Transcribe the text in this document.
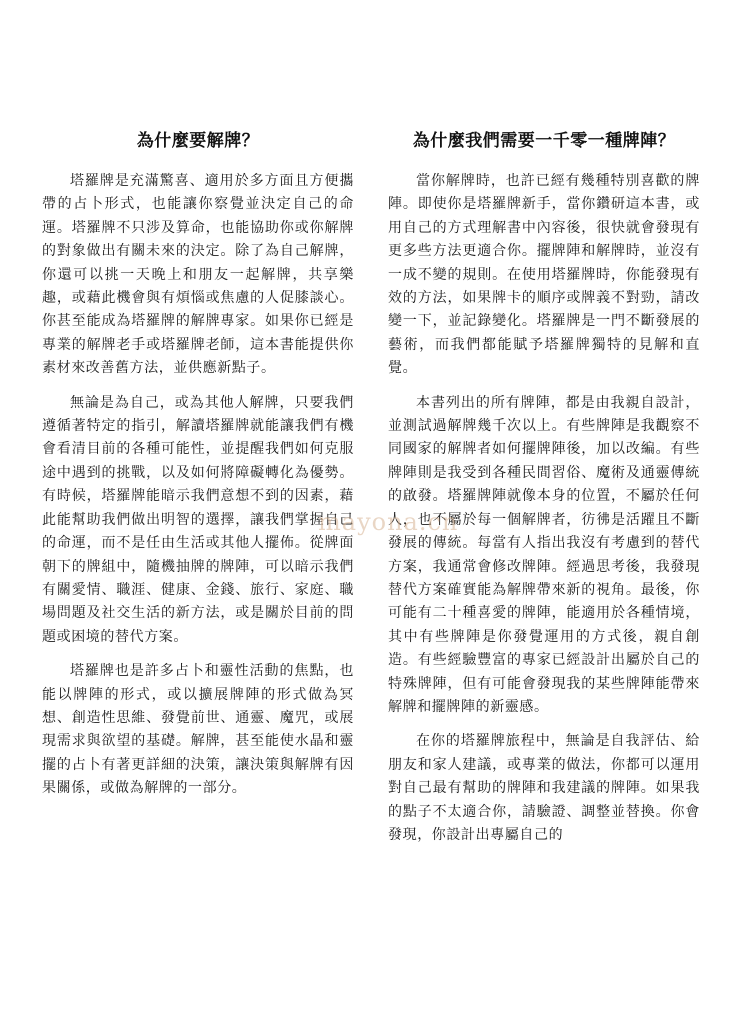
為什麼要解牌？

塔羅牌是充滿驚喜、適用於多方面且方便攜帶的占卜形式，也能讓你察覺並決定自己的命運。塔羅牌不只涉及算命，也能協助你或你解牌的對象做出有關未來的決定。除了為自己解牌，你還可以挑一天晚上和朋友一起解牌，共享樂趣，或藉此機會與有煩惱或焦慮的人促膝談心。你甚至能成為塔羅牌的解牌專家。如果你已經是專業的解牌老手或塔羅牌老師，這本書能提供你素材來改善舊方法，並供應新點子。

無論是為自己，或為其他人解牌，只要我們遵循著特定的指引，解讀塔羅牌就能讓我們有機會看清目前的各種可能性，並提醒我們如何克服途中遇到的挑戰，以及如何將障礙轉化為優勢。有時候，塔羅牌能暗示我們意想不到的因素，藉此能幫助我們做出明智的選擇，讓我們掌握自己的命運，而不是任由生活或其他人擺佈。從牌面朝下的牌組中，隨機抽牌的牌陣，可以暗示我們有關愛情、職涯、健康、金錢、旅行、家庭、職場問題及社交生活的新方法，或是關於目前的問題或困境的替代方案。

塔羅牌也是許多占卜和靈性活動的焦點，也能以牌陣的形式，或以擴展牌陣的形式做為冥想、創造性思維、發覺前世、通靈、魔咒，或展現需求與欲望的基礎。解牌，甚至能使水晶和靈擺的占卜有著更詳細的決策，讓決策與解牌有因果關係，或做為解牌的一部分。

為什麼我們需要一千零一種牌陣？

當你解牌時，也許已經有幾種特別喜歡的牌陣。即使你是塔羅牌新手，當你鑽研這本書，或用自己的方式理解書中內容後，很快就會發現有更多些方法更適合你。擺牌陣和解牌時，並沒有一成不變的規則。在使用塔羅牌時，你能發現有效的方法，如果牌卡的順序或牌義不對勁，請改變一下，並記錄變化。塔羅牌是一門不斷發展的藝術，而我們都能賦予塔羅牌獨特的見解和直覺。

本書列出的所有牌陣，都是由我親自設計，並測試過解牌幾千次以上。有些牌陣是我觀察不同國家的解牌者如何擺牌陣後，加以改編。有些牌陣則是我受到各種民間習俗、魔術及通靈傳統的啟發。塔羅牌陣就像本身的位置，不屬於任何人，也不屬於每一個解牌者，彷彿是活躍且不斷發展的傳統。每當有人指出我沒有考慮到的替代方案，我通常會修改牌陣。經過思考後，我發現替代方案確實能為解牌帶來新的視角。最後，你可能有二十種喜愛的牌陣，能適用於各種情境，其中有些牌陣是你發覺運用的方式後，親自創造。有些經驗豐富的專家已經設計出屬於自己的特殊牌陣，但有可能會發現我的某些牌陣能帶來解牌和擺牌陣的新靈感。

在你的塔羅牌旅程中，無論是自我評估、給朋友和家人建議，或專業的做法，你都可以運用對自己最有幫助的牌陣和我建議的牌陣。如果我的點子不太適合你，請驗證、調整並替換。你會發現，你設計出專屬自己的

mayona.cn
